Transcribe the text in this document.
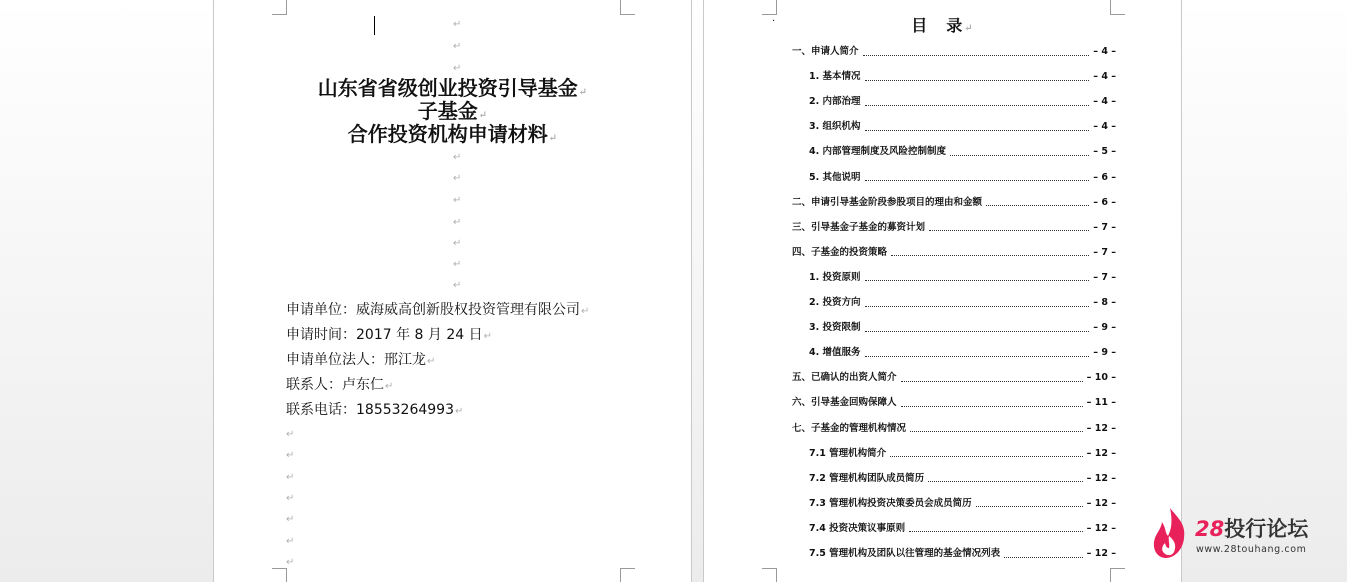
山东省省级创业投资引导基金↵
子基金↵
合作投资机构申请材料↵
申请单位：威海威高创新股权投资管理有限公司↵
申请时间：2017 年 8 月 24 日↵
申请单位法人：邢江龙↵
联系人：卢东仁↵
联系电话：18553264993↵
↵
↵
↵
↵
↵
↵
↵
↵
↵
↵
↵
↵
↵
↵
↵
↵
↵
·	目 录↵
一、申请人简介	– 4 –
1. 基本情况	– 4 –
2. 内部治理	– 4 –
3. 组织机构	– 4 –
4. 内部管理制度及风险控制制度	– 5 –
5. 其他说明	– 6 –
二、申请引导基金阶段参股项目的理由和金额	– 6 –
三、引导基金子基金的募资计划	– 7 –
四、子基金的投资策略	– 7 –
1. 投资原则	– 7 –
2. 投资方向	– 8 –
3. 投资限制	– 9 –
4. 增值服务	– 9 –
五、已确认的出资人简介	– 10 –
六、引导基金回购保障人	– 11 –
七、子基金的管理机构情况	– 12 –
7.1 管理机构简介	– 12 –
7.2 管理机构团队成员简历	– 12 –
7.3 管理机构投资决策委员会成员简历	– 12 –
7.4 投资决策议事原则	– 12 –
7.5 管理机构及团队以往管理的基金情况列表	– 12 –
28投行论坛
www.28touhang.com
